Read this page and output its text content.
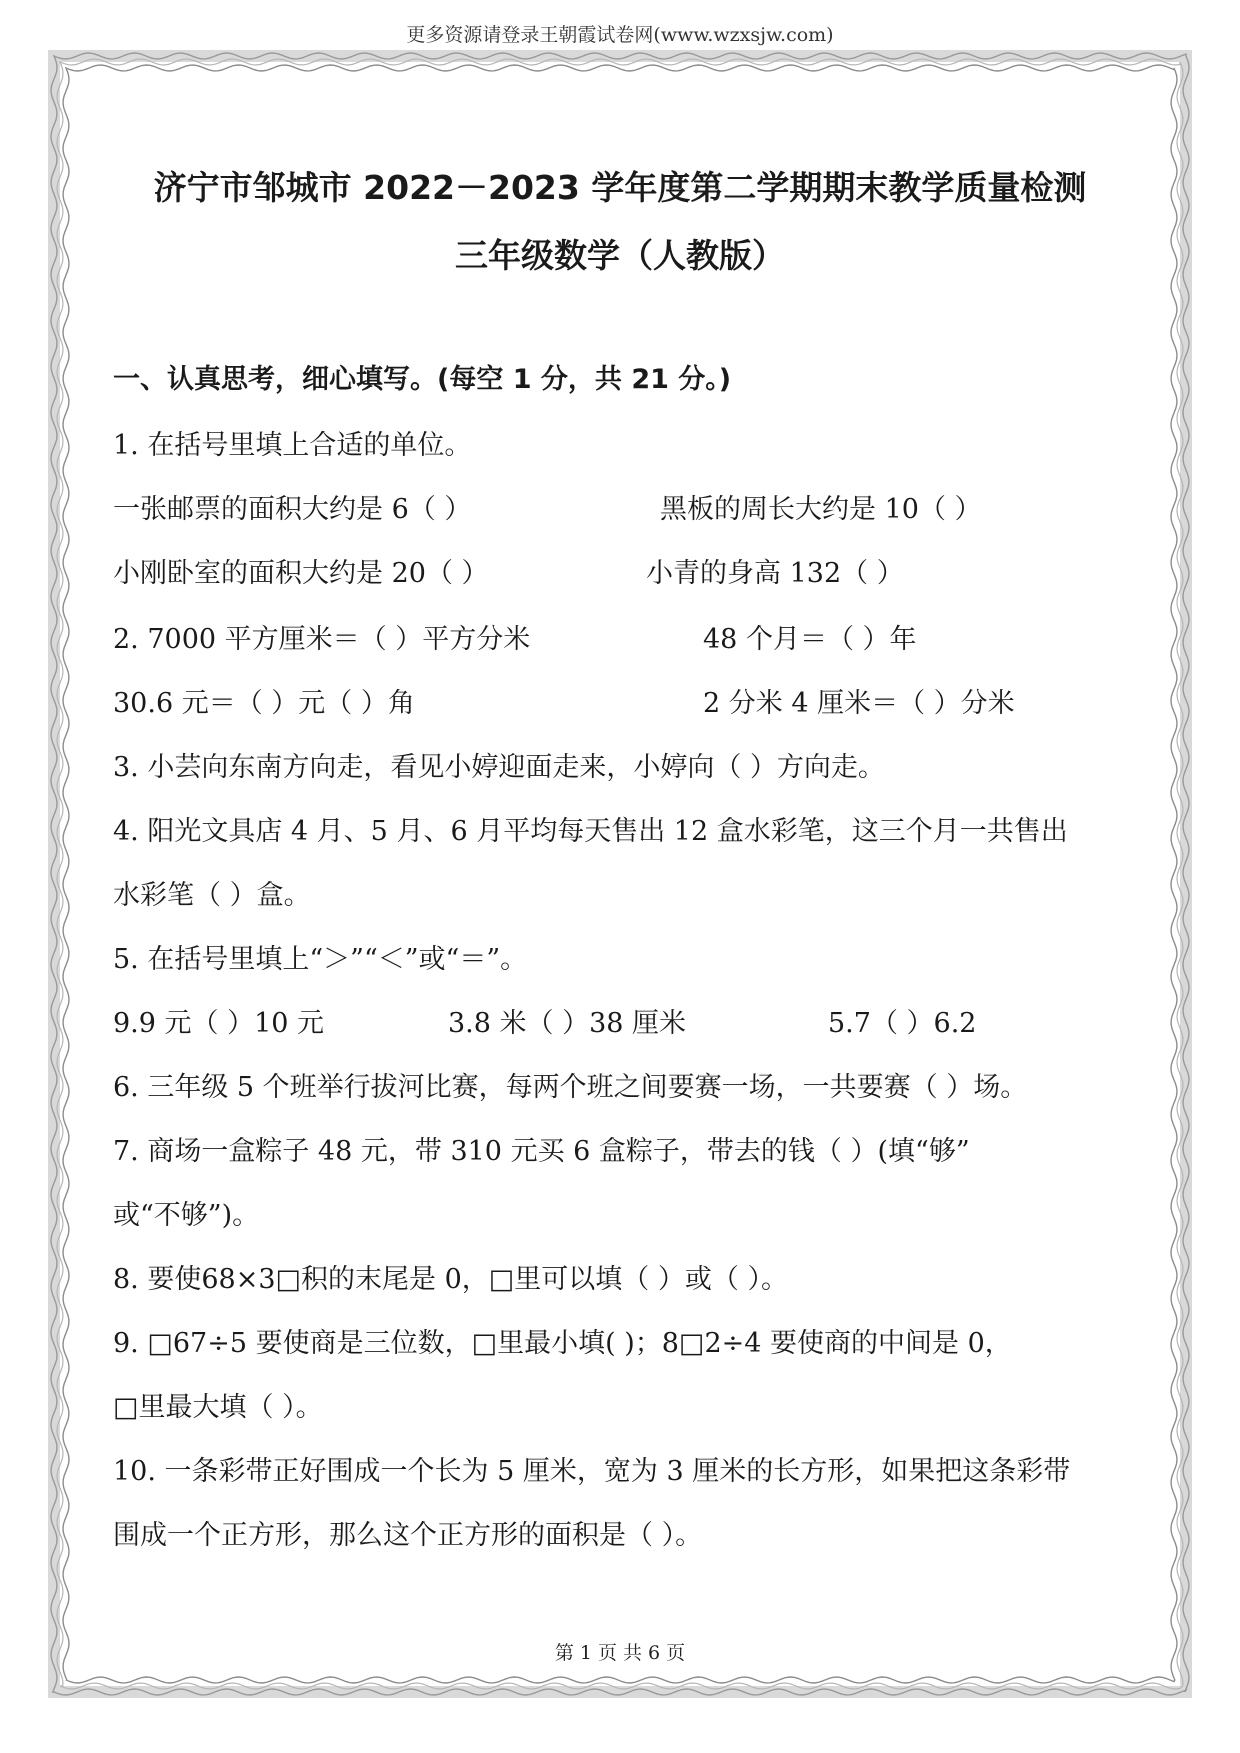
更多资源请登录王朝霞试卷网(www.wzxsjw.com)
济宁市邹城市 2022－2023 学年度第二学期期末教学质量检测
三年级数学（人教版）
一、认真思考，细心填写。(每空 1 分，共 21 分。)
1. 在括号里填上合适的单位。
一张邮票的面积大约是 6（ ）	黑板的周长大约是 10（ ）
小刚卧室的面积大约是 20（ ）	小青的身高 132（ ）
2. 7000 平方厘米＝（ ）平方分米	48 个月＝（ ）年
30.6 元＝（ ）元（ ）角	2 分米 4 厘米＝（ ）分米
3. 小芸向东南方向走，看见小婷迎面走来，小婷向（ ）方向走。
4. 阳光文具店 4 月、5 月、6 月平均每天售出 12 盒水彩笔，这三个月一共售出
水彩笔（ ）盒。
5. 在括号里填上“＞”“＜”或“＝”。
9.9 元（ ）10 元	3.8 米（ ）38 厘米	5.7（ ）6.2
6. 三年级 5 个班举行拔河比赛，每两个班之间要赛一场，一共要赛（ ）场。
7. 商场一盒粽子 48 元，带 310 元买 6 盒粽子，带去的钱（ ）(填“够”
或“不够”)。
8. 要使68×3□积的末尾是 0，□里可以填（ ）或（ ）。
9. □67÷5 要使商是三位数，□里最小填( )；8□2÷4 要使商的中间是 0，
□里最大填（ ）。
10. 一条彩带正好围成一个长为 5 厘米，宽为 3 厘米的长方形，如果把这条彩带
围成一个正方形，那么这个正方形的面积是（ ）。
第 1 页 共 6 页
